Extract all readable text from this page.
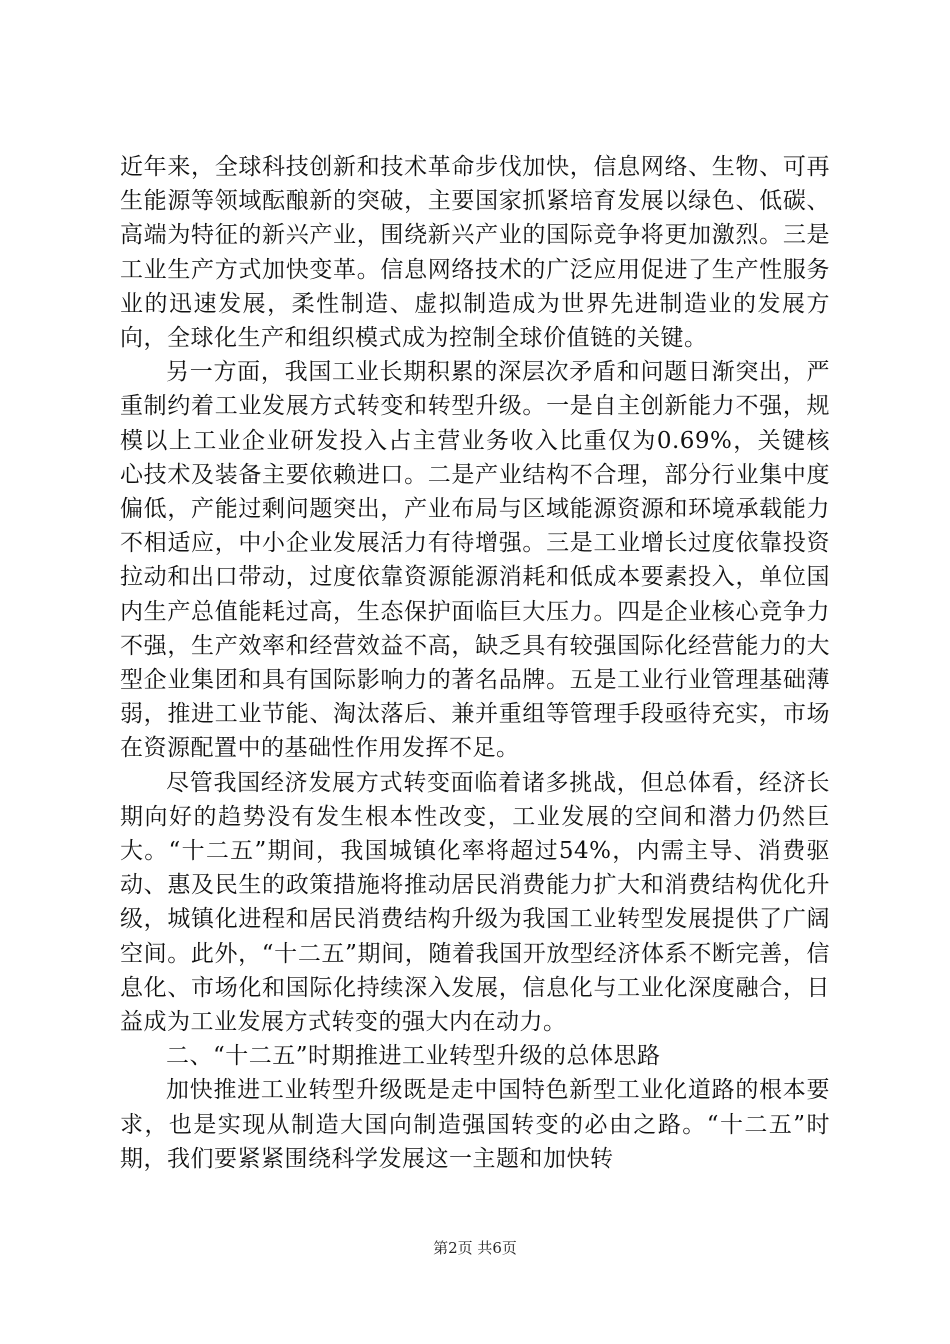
近年来，全球科技创新和技术革命步伐加快，信息网络、生物、可再生能源等领域酝酿新的突破，主要国家抓紧培育发展以绿色、低碳、高端为特征的新兴产业，围绕新兴产业的国际竞争将更加激烈。三是工业生产方式加快变革。信息网络技术的广泛应用促进了生产性服务业的迅速发展，柔性制造、虚拟制造成为世界先进制造业的发展方向，全球化生产和组织模式成为控制全球价值链的关键。

另一方面，我国工业长期积累的深层次矛盾和问题日渐突出，严重制约着工业发展方式转变和转型升级。一是自主创新能力不强，规模以上工业企业研发投入占主营业务收入比重仅为0.69%，关键核心技术及装备主要依赖进口。二是产业结构不合理，部分行业集中度偏低，产能过剩问题突出，产业布局与区域能源资源和环境承载能力不相适应，中小企业发展活力有待增强。三是工业增长过度依靠投资拉动和出口带动，过度依靠资源能源消耗和低成本要素投入，单位国内生产总值能耗过高，生态保护面临巨大压力。四是企业核心竞争力不强，生产效率和经营效益不高，缺乏具有较强国际化经营能力的大型企业集团和具有国际影响力的著名品牌。五是工业行业管理基础薄弱，推进工业节能、淘汰落后、兼并重组等管理手段亟待充实，市场在资源配置中的基础性作用发挥不足。

尽管我国经济发展方式转变面临着诸多挑战，但总体看，经济长期向好的趋势没有发生根本性改变，工业发展的空间和潜力仍然巨大。“十二五”期间，我国城镇化率将超过54%，内需主导、消费驱动、惠及民生的政策措施将推动居民消费能力扩大和消费结构优化升级，城镇化进程和居民消费结构升级为我国工业转型发展提供了广阔空间。此外，“十二五”期间，随着我国开放型经济体系不断完善，信息化、市场化和国际化持续深入发展，信息化与工业化深度融合，日益成为工业发展方式转变的强大内在动力。

二、“十二五”时期推进工业转型升级的总体思路

加快推进工业转型升级既是走中国特色新型工业化道路的根本要求，也是实现从制造大国向制造强国转变的必由之路。“十二五”时期，我们要紧紧围绕科学发展这一主题和加快转

第2页 共6页
